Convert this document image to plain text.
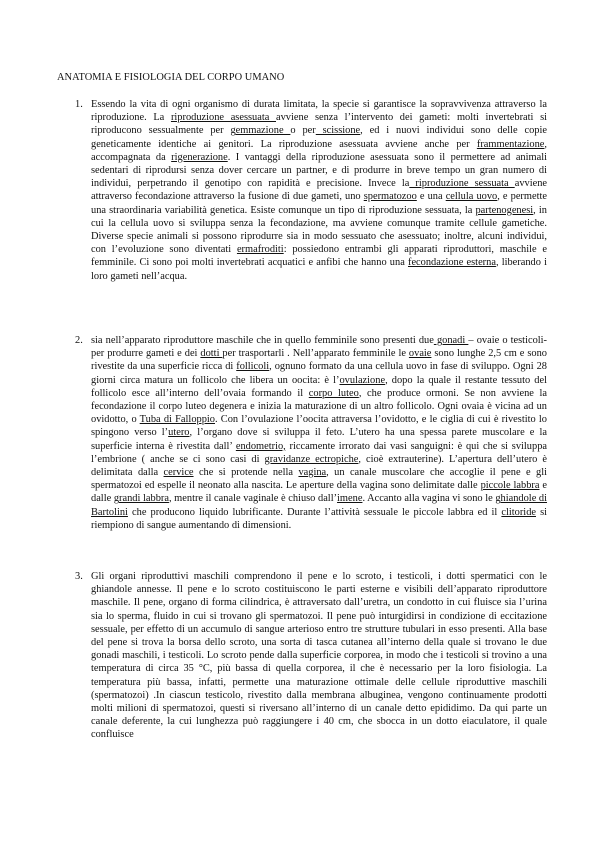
ANATOMIA E FISIOLOGIA DEL CORPO UMANO
1. Essendo la vita di ogni organismo di durata limitata, la specie si garantisce la sopravvivenza attraverso la riproduzione. La riproduzione asessuata avviene senza l’intervento dei gameti: molti invertebrati si riproducono sessualmente per gemmazione o per scissione, ed i nuovi individui sono delle copie geneticamente identiche ai genitori. La riproduzione asessuata avviene anche per frammentazione, accompagnata da rigenerazione. I vantaggi della riproduzione asessuata sono il permettere ad animali sedentari di riprodursi senza dover cercare un partner, e di produrre in breve tempo un gran numero di individui, perpetrando il genotipo con rapidità e precisione. Invece la riproduzione sessuata avviene attraverso fecondazione attraverso la fusione di due gameti, uno spermatozoo e una cellula uovo, e permette una straordinaria variabilità genetica. Esiste comunque un tipo di riproduzione sessuata, la partenogenesi, in cui la cellula uovo si sviluppa senza la fecondazione, ma avviene comunque tramite cellule gametiche. Diverse specie animali si possono riprodurre sia in modo sessuato che asessuato; inoltre, alcuni individui, con l’evoluzione sono diventati ermafroditi: possiedono entrambi gli apparati riproduttori, maschile e femminile. Ci sono poi molti invertebrati acquatici e anfibi che hanno una fecondazione esterna, liberando i loro gameti nell’acqua.
2. sia nell’apparato riproduttore maschile che in quello femminile sono presenti due gonadi – ovaie o testicoli- per produrre gameti e dei dotti per trasportarli . Nell’apparato femminile le ovaie sono lunghe 2,5 cm e sono rivestite da una superficie ricca di follicoli, ognuno formato da una cellula uovo in fase di sviluppo. Ogni 28 giorni circa matura un follicolo che libera un oocita: è l’ovulazione, dopo la quale il restante tessuto del follicolo esce all’interno dell’ovaia formando il corpo luteo, che produce ormoni. Se non avviene la fecondazione il corpo luteo degenera e inizia la maturazione di un altro follicolo. Ogni ovaia è vicina ad un ovidotto, o Tuba di Falloppio. Con l’ovulazione l’oocita attraversa l’ovidotto, e le ciglia di cui è rivestito lo spingono verso l’utero, l’organo dove si sviluppa il feto. L’utero ha una spessa parete muscolare e la superficie interna è rivestita dall’ endometrio, riccamente irrorato dai vasi sanguigni: è qui che si sviluppa l’embrione ( anche se ci sono casi di gravidanze ectropiche, cioè extrauterine). L’apertura dell’utero è delimitata dalla cervice che si protende nella vagina, un canale muscolare che accoglie il pene e gli spermatozoi ed espelle il neonato alla nascita. Le aperture della vagina sono delimitate dalle piccole labbra e dalle grandi labbra, mentre il canale vaginale è chiuso dall’imene. Accanto alla vagina vi sono le ghiandole di Bartolini che producono liquido lubrificante. Durante l’attività sessuale le piccole labbra ed il clitoride si riempiono di sangue aumentando di dimensioni.
3. Gli organi riproduttivi maschili comprendono il pene e lo scroto, i testicoli, i dotti spermatici con le ghiandole annesse. Il pene e lo scroto costituiscono le parti esterne e visibili dell’apparato riproduttore maschile. Il pene, organo di forma cilindrica, è attraversato dall’uretra, un condotto in cui fluisce sia l’urina sia lo sperma, fluido in cui si trovano gli spermatozoi. Il pene può inturgidirsi in condizione di eccitazione sessuale, per effetto di un accumulo di sangue arterioso entro tre strutture tubulari in esso presenti. Alla base del pene si trova la borsa dello scroto, una sorta di tasca cutanea all’interno della quale si trovano le due gonadi maschili, i testicoli. Lo scroto pende dalla superficie corporea, in modo che i testicoli si trovino a una temperatura di circa 35 °C, più bassa di quella corporea, il che è necessario per la loro fisiologia. La temperatura più bassa, infatti, permette una maturazione ottimale delle cellule riproduttive maschili (spermatozoi) .In ciascun testicolo, rivestito dalla membrana albuginea, vengono continuamente prodotti molti milioni di spermatozoi, questi si riversano all’interno di un canale detto epididimo. Da qui parte un canale deferente, la cui lunghezza può raggiungere i 40 cm, che sbocca in un dotto eiaculatore, il quale confluisce
